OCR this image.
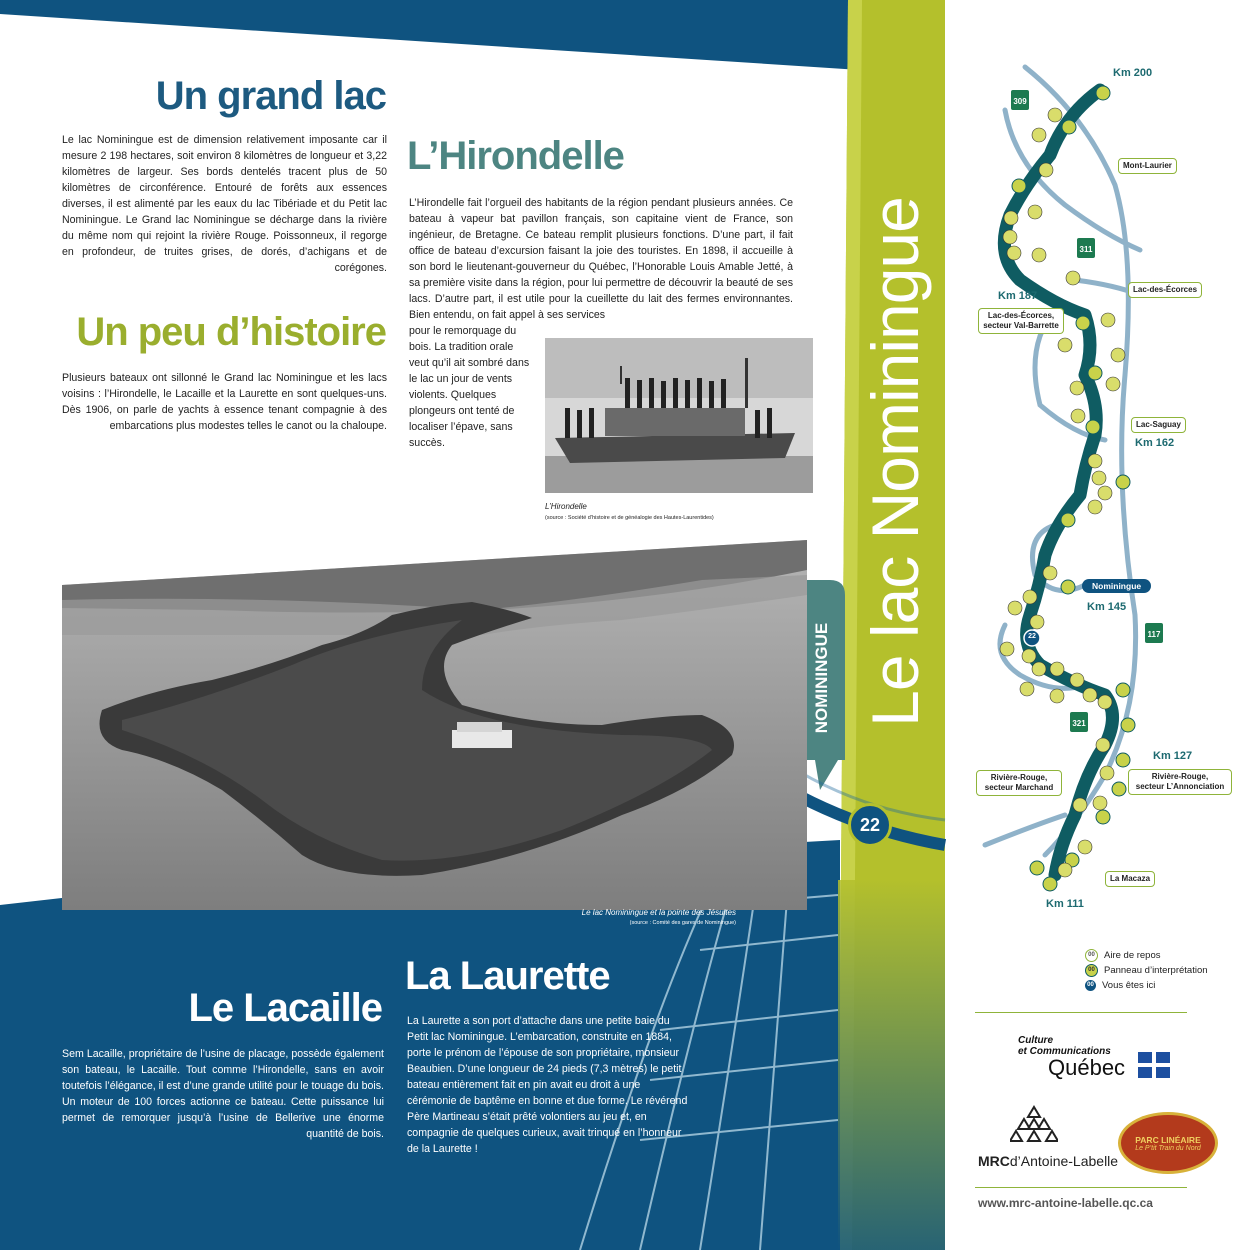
Un grand lac
Le lac Nominingue est de dimension relativement imposante car il mesure 2 198 hectares, soit environ 8 kilomètres de longueur et 3,22 kilomètres de largeur. Ses bords dentelés tracent plus de 50 kilomètres de circonférence. Entouré de forêts aux essences diverses, il est alimenté par les eaux du lac Tibériade et du Petit lac Nominingue. Le Grand lac Nominingue se décharge dans la rivière du même nom qui rejoint la rivière Rouge. Poissonneux, il regorge en profondeur, de truites grises, de dorés, d’achigans et de corégones.
Un peu d’histoire
Plusieurs bateaux ont sillonné le Grand lac Nominingue et les lacs voisins : l’Hirondelle, le Lacaille et la Laurette en sont quelques-uns. Dès 1906, on parle de yachts à essence tenant compagnie à des embarcations plus modestes telles le canot ou la chaloupe.
L’Hirondelle
L’Hirondelle fait l’orgueil des habitants de la région pendant plusieurs années. Ce bateau à vapeur bat pavillon français, son capitaine vient de France, son ingénieur, de Bretagne. Ce bateau remplit plusieurs fonctions. D’une part, il fait office de bateau d’excursion faisant la joie des touristes. En 1898, il accueille à son bord le lieutenant-gouverneur du Québec, l’Honorable Louis Amable Jetté, à sa première visite dans la région, pour lui permettre de découvrir la beauté de ses lacs. D’autre part, il est utile pour la cueillette du lait des fermes environnantes. Bien entendu, on fait appel à ses services
pour le remorquage du bois. La tradition orale veut qu’il ait sombré dans le lac un jour de vents violents. Quelques plongeurs ont tenté de localiser l’épave, sans succès.
L’Hirondelle
(source : Société d’histoire et de généalogie des Hautes-Laurentides)
Le lac Nominingue et la pointe des Jésuites
(source : Comité des gares de Nominingue)
Le Lacaille
Sem Lacaille, propriétaire de l’usine de placage, possède également son bateau, le Lacaille. Tout comme l’Hirondelle, sans en avoir toutefois l’élégance, il est d’une grande utilité pour le touage du bois. Un moteur de 100 forces actionne ce bateau. Cette puissance lui permet de remorquer jusqu’à l’usine de Bellerive une énorme quantité de bois.
La Laurette
La Laurette a son port d’attache dans une petite baie du Petit lac Nominingue. L’embarcation, construite en 1884, porte le prénom de l’épouse de son propriétaire, monsieur Beaubien. D’une longueur de 24 pieds (7,3 mètres) le petit bateau entièrement fait en pin avait eu droit à une cérémonie de baptême en bonne et due forme. Le révérend Père Martineau s’était prêté volontiers au jeu et, en compagnie de quelques curieux, avait trinqué en l’honneur de la Laurette !
Le lac Nominingue
NOMININGUE
22
309
311
117
321
22
Km 200
Km 187
Km 162
Km 145
Km 127
Km 111
Mont-Laurier
Lac-des-Écorces
Lac-des-Écorces,
secteur Val-Barrette
Lac-Saguay
Nominingue
Rivière-Rouge,
secteur Marchand
Rivière-Rouge,
secteur L’Annonciation
La Macaza
00 Aire de repos
00 Panneau d’interprétation
00 Vous êtes ici
Culture
et Communications
Québec
MRCd’Antoine-Labelle
PARC LINÉAIRE
Le P’tit Train du Nord
www.mrc-antoine-labelle.qc.ca
